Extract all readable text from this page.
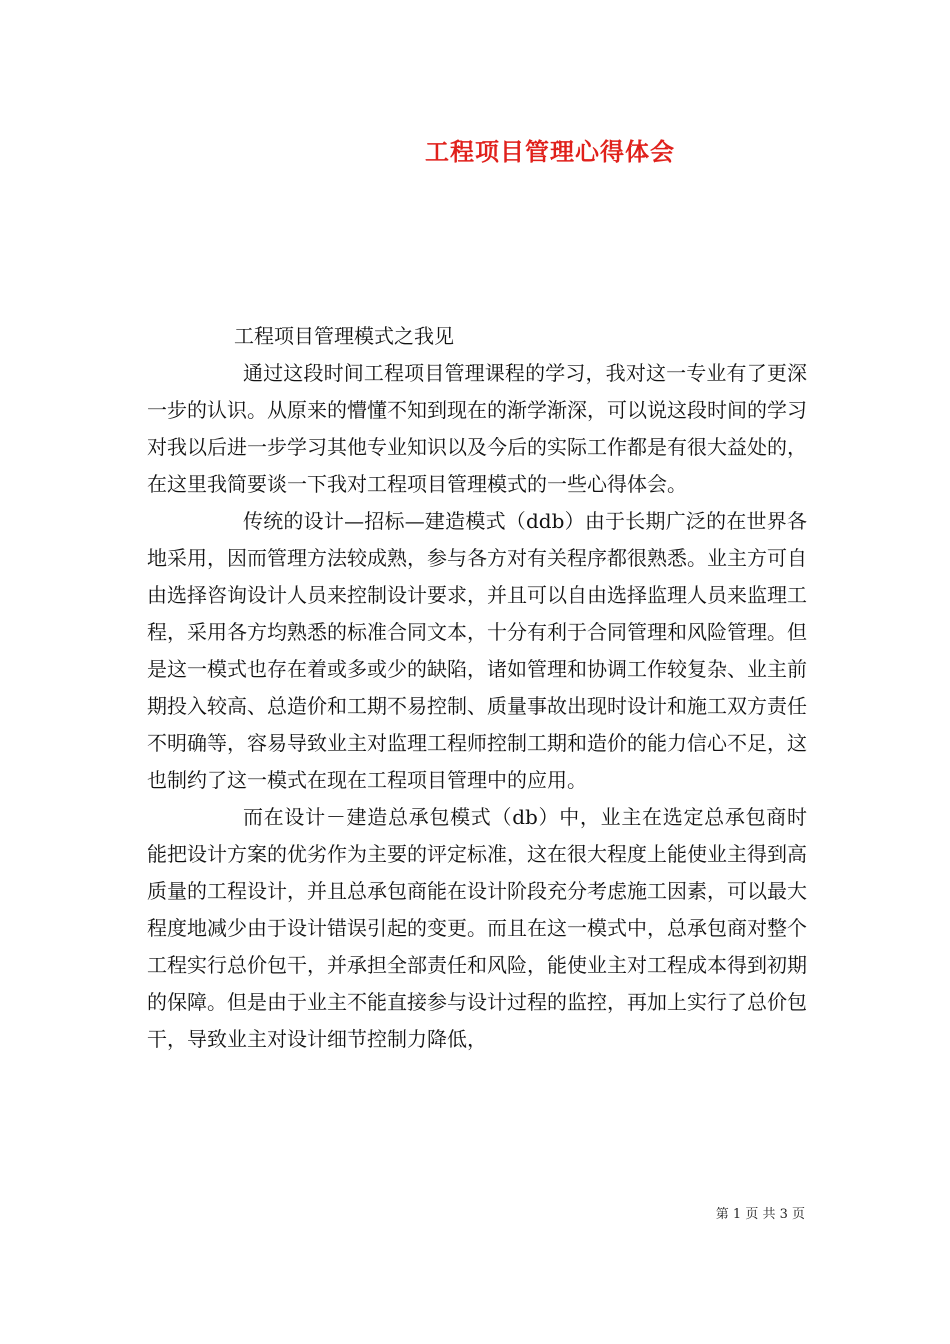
工程项目管理心得体会

工程项目管理模式之我见

通过这段时间工程项目管理课程的学习，我对这一专业有了更深一步的认识。从原来的懵懂不知到现在的渐学渐深，可以说这段时间的学习对我以后进一步学习其他专业知识以及今后的实际工作都是有很大益处的，在这里我简要谈一下我对工程项目管理模式的一些心得体会。

传统的设计—招标—建造模式（ddb）由于长期广泛的在世界各地采用，因而管理方法较成熟，参与各方对有关程序都很熟悉。业主方可自由选择咨询设计人员来控制设计要求，并且可以自由选择监理人员来监理工程，采用各方均熟悉的标准合同文本，十分有利于合同管理和风险管理。但是这一模式也存在着或多或少的缺陷，诸如管理和协调工作较复杂、业主前期投入较高、总造价和工期不易控制、质量事故出现时设计和施工双方责任不明确等，容易导致业主对监理工程师控制工期和造价的能力信心不足，这也制约了这一模式在现在工程项目管理中的应用。

而在设计－建造总承包模式（db）中，业主在选定总承包商时能把设计方案的优劣作为主要的评定标准，这在很大程度上能使业主得到高质量的工程设计，并且总承包商能在设计阶段充分考虑施工因素，可以最大程度地减少由于设计错误引起的变更。而且在这一模式中，总承包商对整个工程实行总价包干，并承担全部责任和风险，能使业主对工程成本得到初期的保障。但是由于业主不能直接参与设计过程的监控，再加上实行了总价包干，导致业主对设计细节控制力降低，

第 1 页 共 3 页
